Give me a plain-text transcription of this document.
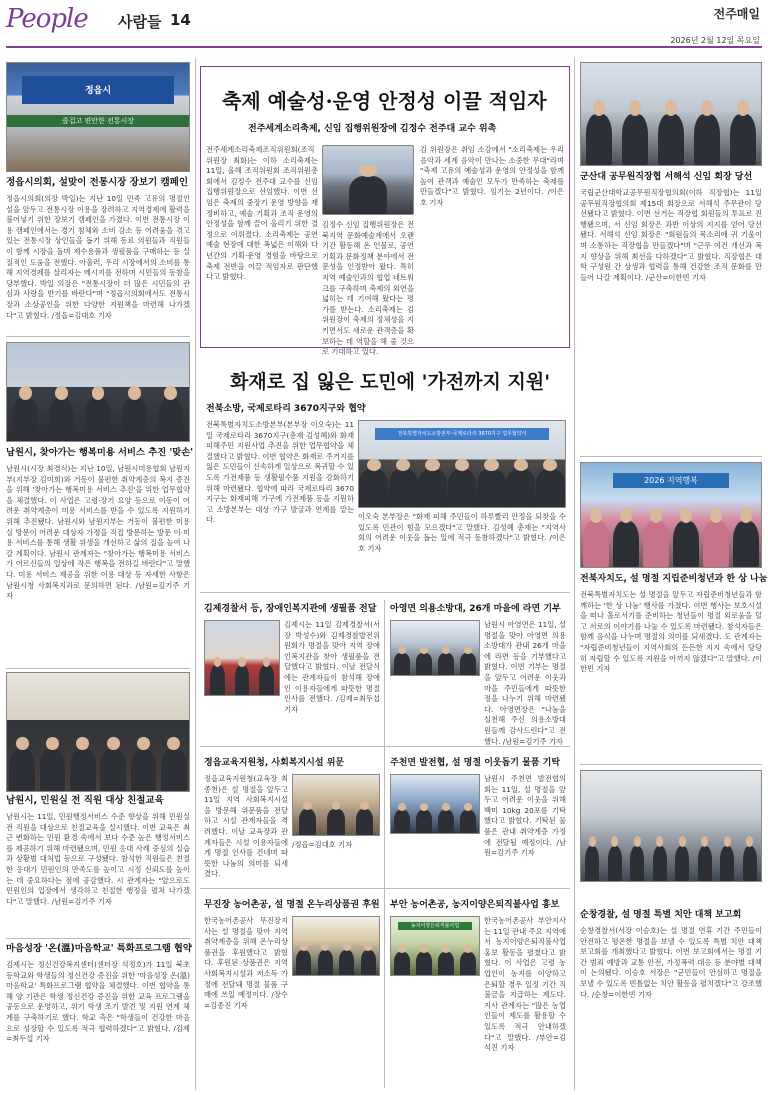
People 사람들 14	전주매일
2026년 2월 12일 목요일
정읍시
즐겁고 편안한 전통시장
정읍시의회, 설맞이 전통시장 장보기 캠페인
정읍시의회(의장 박일)는 지난 10일 민족 고유의 명절인 설을 앞두고 전통시장 이용을 장려하고 지역경제에 활력을 불어넣기 위한 장보기 캠페인을 가졌다. 이번 전통시장 이용 캠페인에서는 경기 침체와 소비 감소 등 어려움을 겪고 있는 전통시장 상인들을 돕기 위해 동료 의원들과 직원들이 함께 시장을 돌며 제수용품과 생필품을 구매하는 등 실질적인 도움을 전했다. 아울러, 우리 시장에서의 소비를 통해 지역경제를 살리자는 메시지를 전하며 시민들의 동참을 당부했다. 박일 의장은 "전통시장이 더 많은 시민들의 관심과 사랑을 받기를 바란다"며 "정읍시의회에서도 전통시장과 소상공인을 위한 다양한 지원책을 마련해 나가겠다"고 밝혔다. /정읍=김대호 기자
남원시, 찾아가는 행복미용 서비스 추진 '맞손'
남원시(시장 최경식)는 지난 10일, 남원시미용협회 남원지부(지부장 김미희)와 거동이 불편한 취약계층의 복지 증진을 위해 '찾아가는 행복미용 서비스 추진'을 위한 업무협약을 체결했다. 이 사업은 고령·장기 요양 등으로 이동이 어려운 취약계층이 미용 서비스를 받을 수 있도록 지원하기 위해 추진됐다. 남원시와 남원지부는 거동이 불편한 미용실 방문이 어려운 대상자 가정을 직접 방문하는 방문 이·미용 서비스를 통해 생활 위생을 개선하고 삶의 질을 높여 나갈 계획이다. 남원시 관계자는 "찾아가는 행복미용 서비스가 어르신들의 일상에 작은 행복을 전하길 바란다"고 말했다. 미용 서비스 제공을 위한 이용 대상 등 자세한 사항은 남원시청 사회복지과로 문의하면 된다. /남원=김기주 기자
남원시, 민원실 전 직원 대상 친절교육
남원시는 11일, 민원행정서비스 수준 향상을 위해 민원실 전 직원을 대상으로 친절교육을 실시했다. 이번 교육은 최근 변화하는 민원 환경 속에서 보다 수준 높은 행정서비스를 제공하기 위해 마련됐으며, 민원 응대 사례 중심의 실습과 상황별 대처법 등으로 구성됐다. 참석한 직원들은 친절한 응대가 민원인의 만족도를 높이고 시정 신뢰도를 높이는 데 중요하다는 점에 공감했다. 시 관계자는 "앞으로도 민원인의 입장에서 생각하고 친절한 행정을 펼쳐 나가겠다"고 말했다. /남원=김기주 기자
마음성장 '온(溫)마음학교' 특화프로그램 협약
김제시는 정신건강복지센터(센터장 석정호)가 11일 북초등학교와 학생들의 정신건강 증진을 위한 '마음성장 온(溫)마음학교' 특화프로그램 협약을 체결했다. 이번 협약을 통해 양 기관은 학생 정신건강 증진을 위한 교육 프로그램을 공동으로 운영하고, 위기 학생 조기 발견 및 지원 연계 체계를 구축하기로 했다. 학교 측은 "학생들이 건강한 마음으로 성장할 수 있도록 적극 협력하겠다"고 밝혔다. /김제=최두섭 기자
축제 예술성·운영 안정성 이끌 적임자
전주세계소리축제, 신임 집행위원장에 김정수 전주대 교수 위촉
전주세계소리축제조직위원회(조직위원장 최화)는 이하 소리축제는 11일, 올해 조직위원회 조직위원총회에서 김정수 전주대 교수를 신임 집행위원장으로 선임했다. 이번 선임은 축제의 중장기 운영 방향을 재정비하고, 예술 기획과 조직 운영의 안정성을 함께 끌어 올리기 위한 결정으로 이뤄졌다. 소리축제는 공연예술 현장에 대한 폭넓은 이해와 다년간의 기획·운영 경험을 바탕으로 축제 전반을 이끌 적임자로 판단했다고 밝혔다.
김정수 신임 집행위원장은 전북지역 문화예술계에서 오랜 기간 활동해 온 인물로, 공연 기획과 문화정책 분야에서 전문성을 인정받아 왔다. 특히 지역 예술인과의 협업 네트워크를 구축하며 축제의 외연을 넓히는 데 기여해 왔다는 평가를 받는다. 소리축제는 김 위원장이 축제의 정체성을 지키면서도 새로운 관객층을 확보하는 데 역할을 해 줄 것으로 기대하고 있다.
김 위원장은 취임 소감에서 "소리축제는 우리 음악과 세계 음악이 만나는 소중한 무대"라며 "축제 고유의 예술성과 운영의 안정성을 함께 높여 관객과 예술인 모두가 만족하는 축제를 만들겠다"고 밝혔다. 임기는 2년이다. /이은호 기자
화재로 집 잃은 도민에 '가전까지 지원'
전북소방, 국제로타리 3670지구와 협약
전북특별자치도소방본부(본부장 이오숙)는 11일 국제로타리 3670지구(총재 김성혜)와 화재피해주민 지원사업 추진을 위한 업무협약을 체결했다고 밝혔다. 이번 협약은 화재로 주거지를 잃은 도민들이 신속하게 일상으로 복귀할 수 있도록 가전제품 등 생활필수품 지원을 강화하기 위해 마련됐다. 협약에 따라 국제로타리 3670지구는 화재피해 가구에 가전제품 등을 지원하고 소방본부는 대상 가구 발굴과 연계를 맡는다.
전북특별자치도소방본부-국제로타리 3670지구 업무협약식
이오숙 본부장은 "화재 피해 주민들이 하루빨리 안정을 되찾을 수 있도록 민관이 힘을 모으겠다"고 말했다. 김성혜 총재는 "지역사회의 어려운 이웃을 돕는 일에 적극 동참하겠다"고 밝혔다. /이은호 기자
김제경찰서 등, 장애인복지관에 생필품 전달
김제시는 11일 김제경찰서(서장 박성수)와 김제경찰발전위원회가 명절을 맞아 지역 장애인복지관을 찾아 생필품을 전달했다고 밝혔다. 이날 전달식에는 관계자들이 참석해 장애인 이용자들에게 따뜻한 명절 인사를 전했다. /김제=최두섭 기자
아영면 의용소방대, 26개 마을에 라면 기부
남원시 아영면은 11일, 설 명절을 맞아 아영면 의용소방대가 관내 26개 마을에 라면 등을 기부했다고 밝혔다. 이번 기부는 명절을 앞두고 어려운 이웃과 마을 주민들에게 따뜻한 정을 나누기 위해 마련됐다. 아영면장은 "나눔을 실천해 주신 의용소방대원들께 감사드린다"고 전했다. /남원=김기주 기자
정읍교육지원청, 사회복지시설 위문
정읍교육지원청(교육장 최종천)은 설 명절을 앞두고 11일 지역 사회복지시설을 방문해 위문품을 전달하고 시설 관계자들을 격려했다. 이날 교육장과 관계자들은 시설 이용자들에게 명절 인사를 건네며 따뜻한 나눔의 의미를 되새겼다.
/정읍=김대호 기자
주천면 발전협, 설 명절 이웃돕기 물품 기탁
남원시 주천면 발전협의회는 11일, 설 명절을 앞두고 어려운 이웃을 위해 백미 10kg 20포를 기탁했다고 밝혔다. 기탁된 물품은 관내 취약계층 가정에 전달될 예정이다. /남원=김기주 기자
무진장 농어촌공, 설 명절 온누리상품권 후원
한국농어촌공사 무진장지사는 설 명절을 맞아 지역 취약계층을 위해 온누리상품권을 후원했다고 밝혔다. 후원된 상품권은 지역 사회복지시설과 저소득 가정에 전달돼 명절 물품 구매에 쓰일 예정이다. /장수=김종진 기자
부안 농어촌공, 농지이양은퇴직불사업 홍보
농지이양은퇴직불사업
한국농어촌공사 부안지사는 11일 관내 주요 지역에서 농지이양은퇴직불사업 홍보 활동을 펼쳤다고 밝혔다. 이 사업은 고령 농업인이 농지를 이양하고 은퇴할 경우 일정 기간 직불금을 지급하는 제도다. 지사 관계자는 "많은 농업인들이 제도를 활용할 수 있도록 적극 안내하겠다"고 말했다. /부안=김석진 기자
군산대 공무원직장협 서해석 신임 회장 당선
국립군산대학교공무원직장협의회(이하 직장협)는 11일 공무원직장협의회 제15대 회장으로 서해석 주무관이 당선됐다고 밝혔다. 이번 선거는 직장협 회원들의 투표로 진행됐으며, 서 신임 회장은 과반 이상의 지지를 얻어 당선됐다. 서해석 신임 회장은 "회원들의 목소리에 귀 기울이며 소통하는 직장협을 만들겠다"며 "근무 여건 개선과 복지 향상을 위해 최선을 다하겠다"고 밝혔다. 직장협은 대학 구성원 간 상생과 협력을 통해 건강한 조직 문화를 만들어 나갈 계획이다. /군산=이한빈 기자
2026 지역행복
전북자치도, 설 명절 지립준비청년과 한 상 나눔
전북특별자치도는 설 명절을 앞두고 자립준비청년들과 함께하는 '한 상 나눔' 행사를 가졌다. 이번 행사는 보호시설을 떠나 홀로서기를 준비하는 청년들이 명절 외로움을 덜고 서로의 이야기를 나눌 수 있도록 마련됐다. 참석자들은 함께 음식을 나누며 명절의 의미를 되새겼다. 도 관계자는 "자립준비청년들이 지역사회의 든든한 지지 속에서 당당히 자립할 수 있도록 지원을 아끼지 않겠다"고 말했다. /이한빈 기자
순창경찰, 설 명절 특별 치안 대책 보고회
순창경찰서(서장 이승호)는 설 명절 연휴 기간 주민들이 안전하고 평온한 명절을 보낼 수 있도록 특별 치안 대책 보고회를 개최했다고 밝혔다. 이번 보고회에서는 명절 기간 범죄 예방과 교통 안전, 가정폭력 대응 등 분야별 대책이 논의됐다. 이승호 서장은 "군민들이 안심하고 명절을 보낼 수 있도록 빈틈없는 치안 활동을 펼치겠다"고 강조했다. /순창=이한빈 기자
